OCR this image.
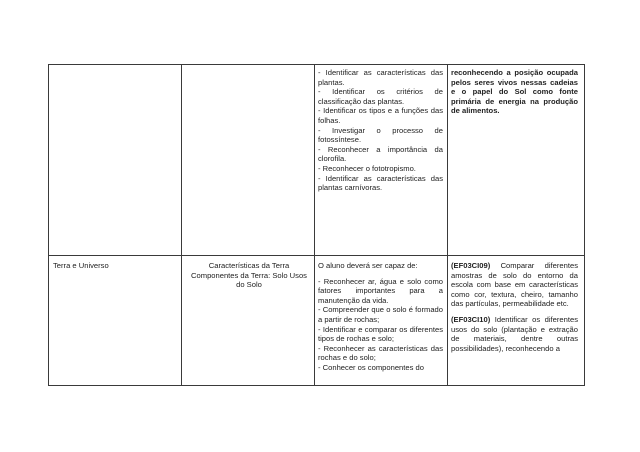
- Identificar as características das plantas.

- Identificar os critérios de classificação das plantas.

- Identificar os tipos e a funções das folhas.

- Investigar o processo de fotossíntese.

- Reconhecer a importância da clorofila.

- Reconhecer o fototropismo.

- Identificar as características das plantas carnívoras.

reconhecendo a posição ocupada pelos seres vivos nessas cadeias e o papel do Sol como fonte primária de energia na produção de alimentos.

Terra e Universo	Características da Terra Componentes da Terra: Solo Usos do Solo

O aluno deverá ser capaz de:

- Reconhecer ar, água e solo como fatores importantes para a manutenção da vida.

- Compreender que o solo é formado a partir de rochas;

- Identificar e comparar os diferentes tipos de rochas e solo;

- Reconhecer as características das rochas e do solo;

- Conhecer os componentes do

(EF03CI09) Comparar diferentes amostras de solo do entorno da escola com base em características como cor, textura, cheiro, tamanho das partículas, permeabilidade etc.

(EF03CI10) Identificar os diferentes usos do solo (plantação e extração de materiais, dentre outras possibilidades), reconhecendo a
